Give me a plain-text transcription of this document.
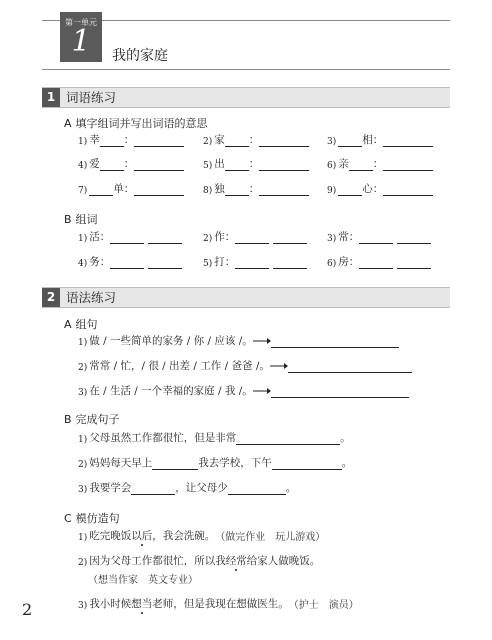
第一单元
1	我的家庭
1 词语练习
A 填字组词并写出词语的意思
1) 幸 ：	2) 家 ：	3) 相 ：
4) 爱 ：	5) 出 ：	6) 亲 ：
7) 单 ：	8) 独 ：	9) 心 ：
B 组词
1) 活 ：	2) 作 ：	3) 常 ：
4) 务 ：	5) 打 ：	6) 房 ：
2 语法练习
A 组句
1) 做 / 一些简单的家务 / 你 / 应该 /。
2) 常常 / 忙，/ 很 / 出差 / 工作 / 爸爸 /。
3) 在 / 生活 / 一个幸福的家庭 / 我 /。
B 完成句子
1) 父母虽然工作都很忙，但是非常	。
2) 妈妈每天早上	我去学校，下午	。
3) 我要学会	，让父母少	。
C 模仿造句
1) 吃完晚饭 以后 ，我会洗碗。 （做完作业　玩儿游戏）
2) 因为父母工作都很忙，所以我 经常 给家人做晚饭。
（想当作家　英文专业）
3) 我小时候 想当 老师，但是我现在想做医生。 （护士　演员）
2
